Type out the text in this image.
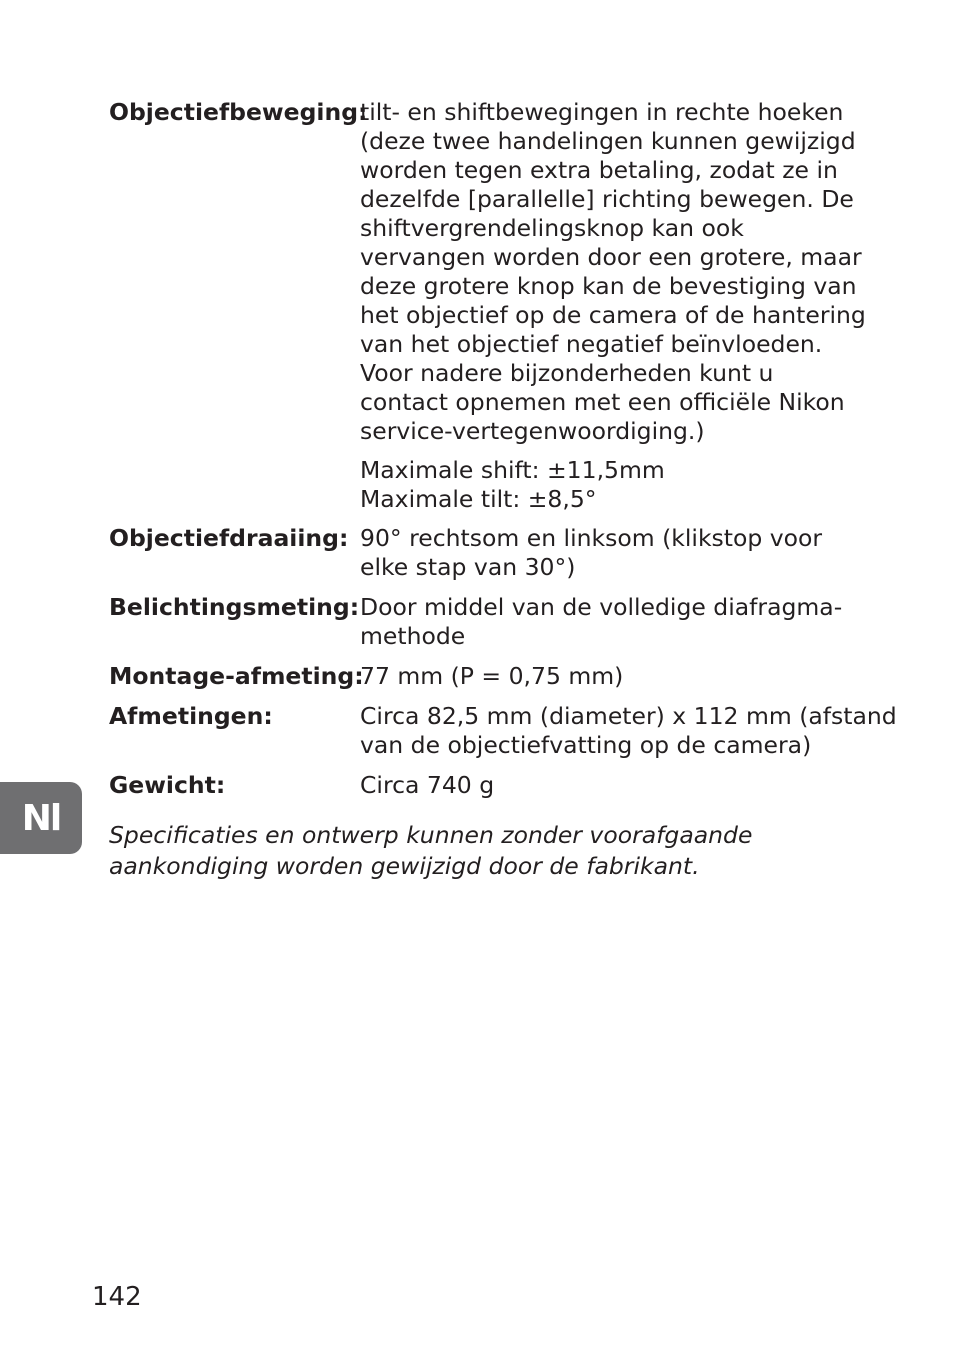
Objectiefbeweging:
tilt- en shiftbewegingen in rechte hoeken
(deze twee handelingen kunnen gewijzigd
worden tegen extra betaling, zodat ze in
dezelfde [parallelle] richting bewegen. De
shiftvergrendelingsknop kan ook
vervangen worden door een grotere, maar
deze grotere knop kan de bevestiging van
het objectief op de camera of de hantering
van het objectief negatief beïnvloeden.
Voor nadere bijzonderheden kunt u
contact opnemen met een officiële Nikon
service-vertegenwoordiging.)
Maximale shift: ±11,5mm
Maximale tilt: ±8,5°
Objectiefdraaiing: 90° rechtsom en linksom (klikstop voor
elke stap van 30°)
Belichtingsmeting: Door middel van de volledige diafragma-
methode
Montage-afmeting:
77 mm (P = 0,75 mm)
Afmetingen:	Circa 82,5 mm (diameter) x 112 mm (afstand
van de objectiefvatting op de camera)
Gewicht:	Circa 740 g
Nl Specificaties en ontwerp kunnen zonder voorafgaande
aankondiging worden gewijzigd door de fabrikant.
142
